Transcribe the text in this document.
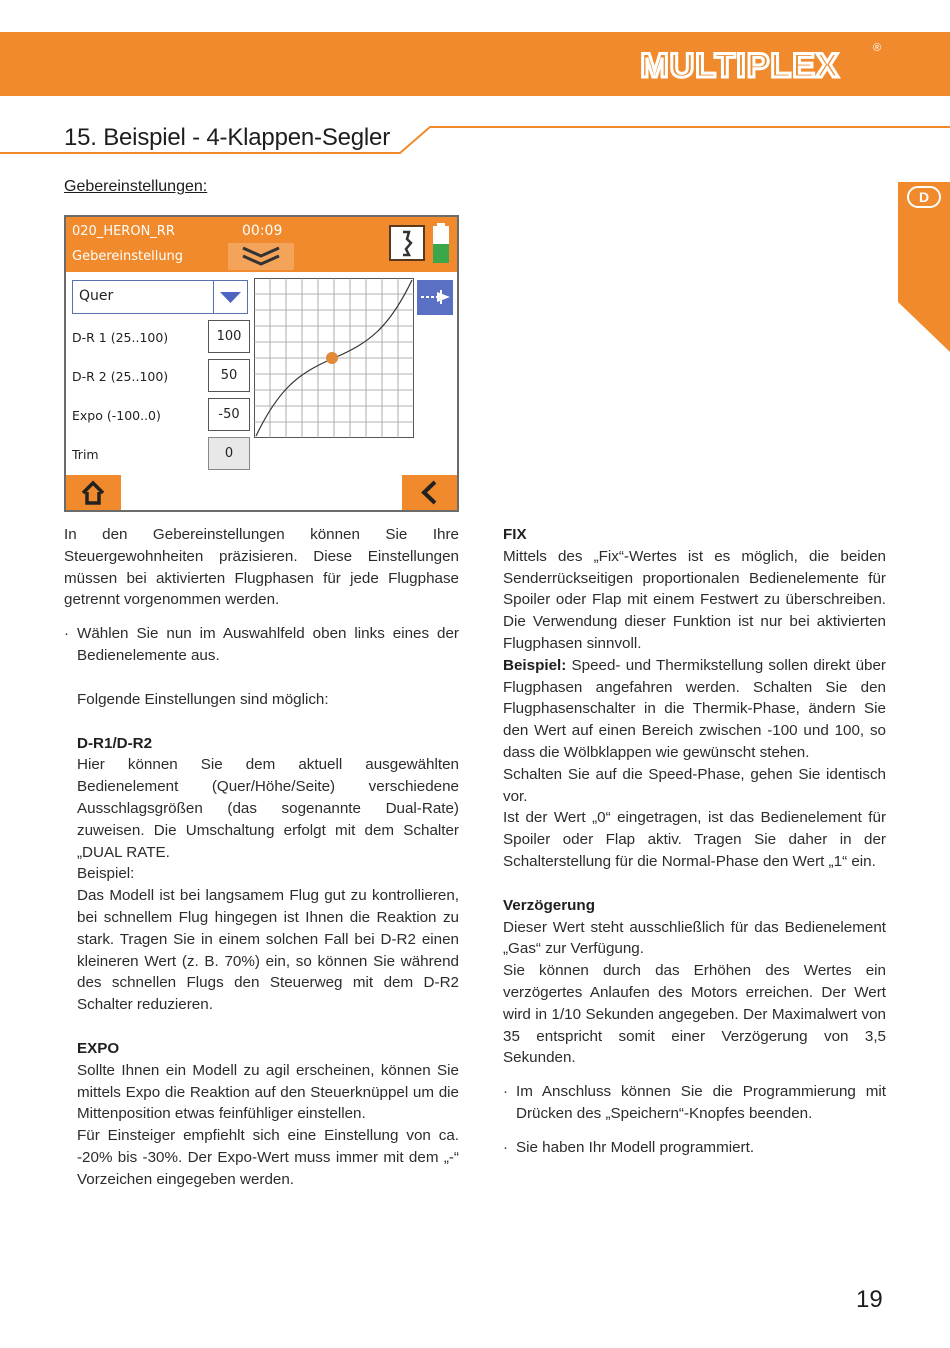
MULTIPLEX	®
15. Beispiel - 4-Klappen-Segler
D
Gebereinstellungen:
020_HERON_RR	00:09
Gebereinstellung
Quer
D-R 1 (25..100)	100
D-R 2 (25..100)	50
Expo (-100..0)	-50
Trim	0

In den Gebereinstellungen können Sie Ihre Steuergewohnheiten präzisieren. Diese Einstellungen müssen bei aktivierten Flugphasen für jede Flugphase getrennt vorgenommen werden.

· Wählen Sie nun im Auswahlfeld oben links eines der Bedienelemente aus.

Folgende Einstellungen sind möglich:

D-R1/D-R2

Hier können Sie dem aktuell ausgewählten Bedienelement (Quer/Höhe/Seite) verschiedene Ausschlagsgrößen (das sogenannte Dual-Rate) zuweisen. Die Umschaltung erfolgt mit dem Schalter „DUAL RATE.

Beispiel:

Das Modell ist bei langsamem Flug gut zu kontrollieren, bei schnellem Flug hingegen ist Ihnen die Reaktion zu stark. Tragen Sie in einem solchen Fall bei D-R2 einen kleineren Wert (z. B. 70%) ein, so können Sie während des schnellen Flugs den Steuerweg mit dem D-R2 Schalter reduzieren.

EXPO

Sollte Ihnen ein Modell zu agil erscheinen, können Sie mittels Expo die Reaktion auf den Steuerknüppel um die Mittenposition etwas feinfühliger einstellen.

Für Einsteiger empfiehlt sich eine Einstellung von ca. -20% bis -30%. Der Expo-Wert muss immer mit dem „-“ Vorzeichen eingegeben werden.

FIX

Mittels des „Fix“-Wertes ist es möglich, die beiden Senderrückseitigen proportionalen Bedienelemente für Spoiler oder Flap mit einem Festwert zu überschreiben. Die Verwendung dieser Funktion ist nur bei aktivierten Flugphasen sinnvoll.

Beispiel: Speed- und Thermikstellung sollen direkt über Flugphasen angefahren werden. Schalten Sie den Flugphasenschalter in die Thermik-Phase, ändern Sie den Wert auf einen Bereich zwischen -100 und 100, so dass die Wölbklappen wie gewünscht stehen.

Schalten Sie auf die Speed-Phase, gehen Sie identisch vor.

Ist der Wert „0“ eingetragen, ist das Bedienelement für Spoiler oder Flap aktiv. Tragen Sie daher in der Schalterstellung für die Normal-Phase den Wert „1“ ein.

Verzögerung

Dieser Wert steht ausschließlich für das Bedienelement „Gas“ zur Verfügung.

Sie können durch das Erhöhen des Wertes ein verzögertes Anlaufen des Motors erreichen. Der Wert wird in 1/10 Sekunden angegeben. Der Maximalwert von 35 entspricht somit einer Verzögerung von 3,5 Sekunden.

· Im Anschluss können Sie die Programmierung mit Drücken des „Speichern“-Knopfes beenden.

· Sie haben Ihr Modell programmiert.

19
